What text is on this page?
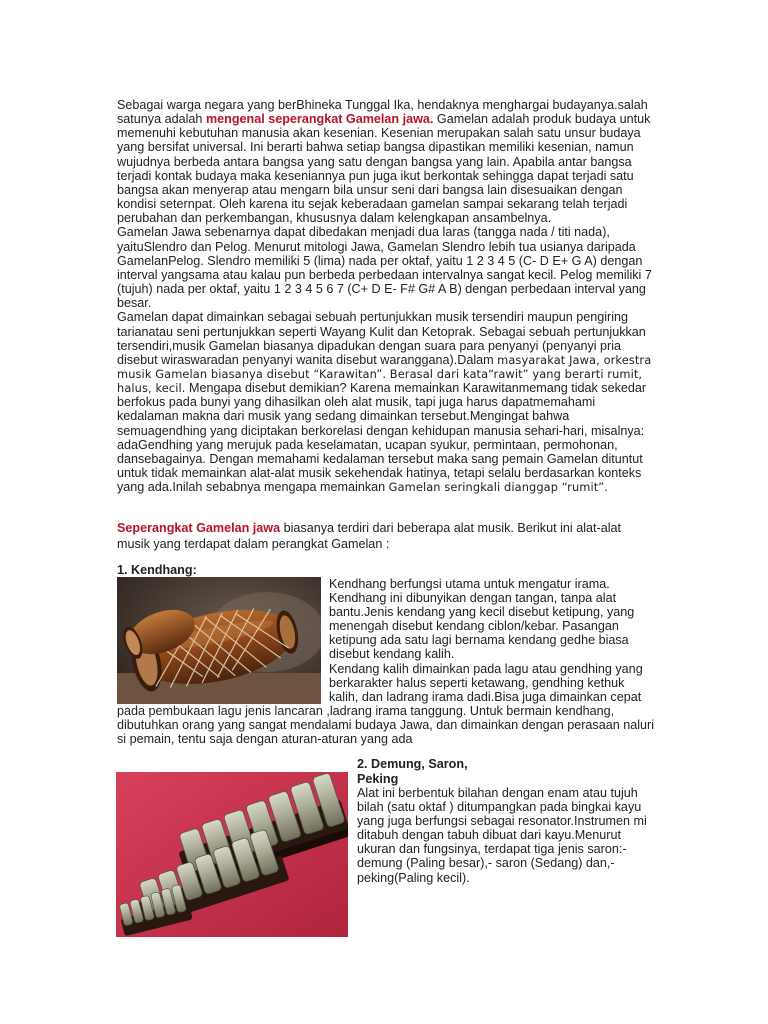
Sebagai warga negara yang berBhineka Tunggal Ika, hendaknya menghargai budayanya.salah satunya adalah mengenal seperangkat Gamelan jawa. Gamelan adalah produk budaya untuk memenuhi kebutuhan manusia akan kesenian. Kesenian merupakan salah satu unsur budaya yang bersifat universal. Ini berarti bahwa setiap bangsa dipastikan memiliki kesenian, namun wujudnya berbeda antara bangsa yang satu dengan bangsa yang lain. Apabila antar bangsa terjadi kontak budaya maka keseniannya pun juga ikut berkontak sehingga dapat terjadi satu bangsa akan menyerap atau mengarn bila unsur seni dari bangsa lain disesuaikan dengan kondisi seternpat. Oleh karena itu sejak keberadaan gamelan sampai sekarang telah terjadi perubahan dan perkembangan, khususnya dalam kelengkapan ansambelnya.

Gamelan Jawa sebenarnya dapat dibedakan menjadi dua laras (tangga nada / titi nada), yaituSlendro dan Pelog. Menurut mitologi Jawa, Gamelan Slendro lebih tua usianya daripada GamelanPelog. Slendro memiliki 5 (lima) nada per oktaf, yaitu 1 2 3 4 5 (C- D E+ G A) dengan interval yangsama atau kalau pun berbeda perbedaan intervalnya sangat kecil. Pelog memiliki 7 (tujuh) nada per oktaf, yaitu 1 2 3 4 5 6 7 (C+ D E- F# G# A B) dengan perbedaan interval yang besar.

Gamelan dapat dimainkan sebagai sebuah pertunjukkan musik tersendiri maupun pengiring tarianatau seni pertunjukkan seperti Wayang Kulit dan Ketoprak. Sebagai sebuah pertunjukkan tersendiri,musik Gamelan biasanya dipadukan dengan suara para penyanyi (penyanyi pria disebut wiraswaradan penyanyi wanita disebut waranggana).Dalam masyarakat Jawa, orkestra musik Gamelan biasanya disebut “Karawitan”. Berasal dari kata“rawit” yang berarti rumit, halus, kecil. Mengapa disebut demikian? Karena memainkan Karawitanmemang tidak sekedar berfokus pada bunyi yang dihasilkan oleh alat musik, tapi juga harus dapatmemahami kedalaman makna dari musik yang sedang dimainkan tersebut.Mengingat bahwa semuagendhing yang diciptakan berkorelasi dengan kehidupan manusia sehari-hari, misalnya: adaGendhing yang merujuk pada keselamatan, ucapan syukur, permintaan, permohonan, dansebagainya. Dengan memahami kedalaman tersebut maka sang pemain Gamelan dituntut untuk tidak memainkan alat-alat musik sekehendak hatinya, tetapi selalu berdasarkan konteks yang ada.Inilah sebabnya mengapa memainkan Gamelan seringkali dianggap “rumit”.

Seperangkat Gamelan jawa biasanya terdiri dari beberapa alat musik. Berikut ini alat-alat musik yang terdapat dalam perangkat Gamelan :

1. Kendhang:

Kendhang berfungsi utama untuk mengatur irama. Kendhang ini dibunyikan dengan tangan, tanpa alat bantu.Jenis kendang yang kecil disebut ketipung, yang menengah disebut kendang ciblon/kebar. Pasangan ketipung ada satu lagi bernama kendang gedhe biasa disebut kendang kalih.
Kendang kalih dimainkan pada lagu atau gendhing yang berkarakter halus seperti ketawang, gendhing kethuk kalih, dan ladrang irama dadi.Bisa juga dimainkan cepat

pada pembukaan lagu jenis lancaran ,ladrang irama tanggung. Untuk bermain kendhang, dibutuhkan orang yang sangat mendalami budaya Jawa, dan dimainkan dengan perasaan naluri si pemain, tentu saja dengan aturan-aturan yang ada

2. Demung, Saron, Peking

Alat ini berbentuk bilahan dengan enam atau tujuh bilah (satu oktaf ) ditumpangkan pada bingkai kayu yang juga berfungsi sebagai resonator.Instrumen mi ditabuh dengan tabuh dibuat dari kayu.Menurut ukuran dan fungsinya, terdapat tiga jenis saron:- demung (Paling besar),- saron (Sedang) dan,- peking(Paling kecil).
